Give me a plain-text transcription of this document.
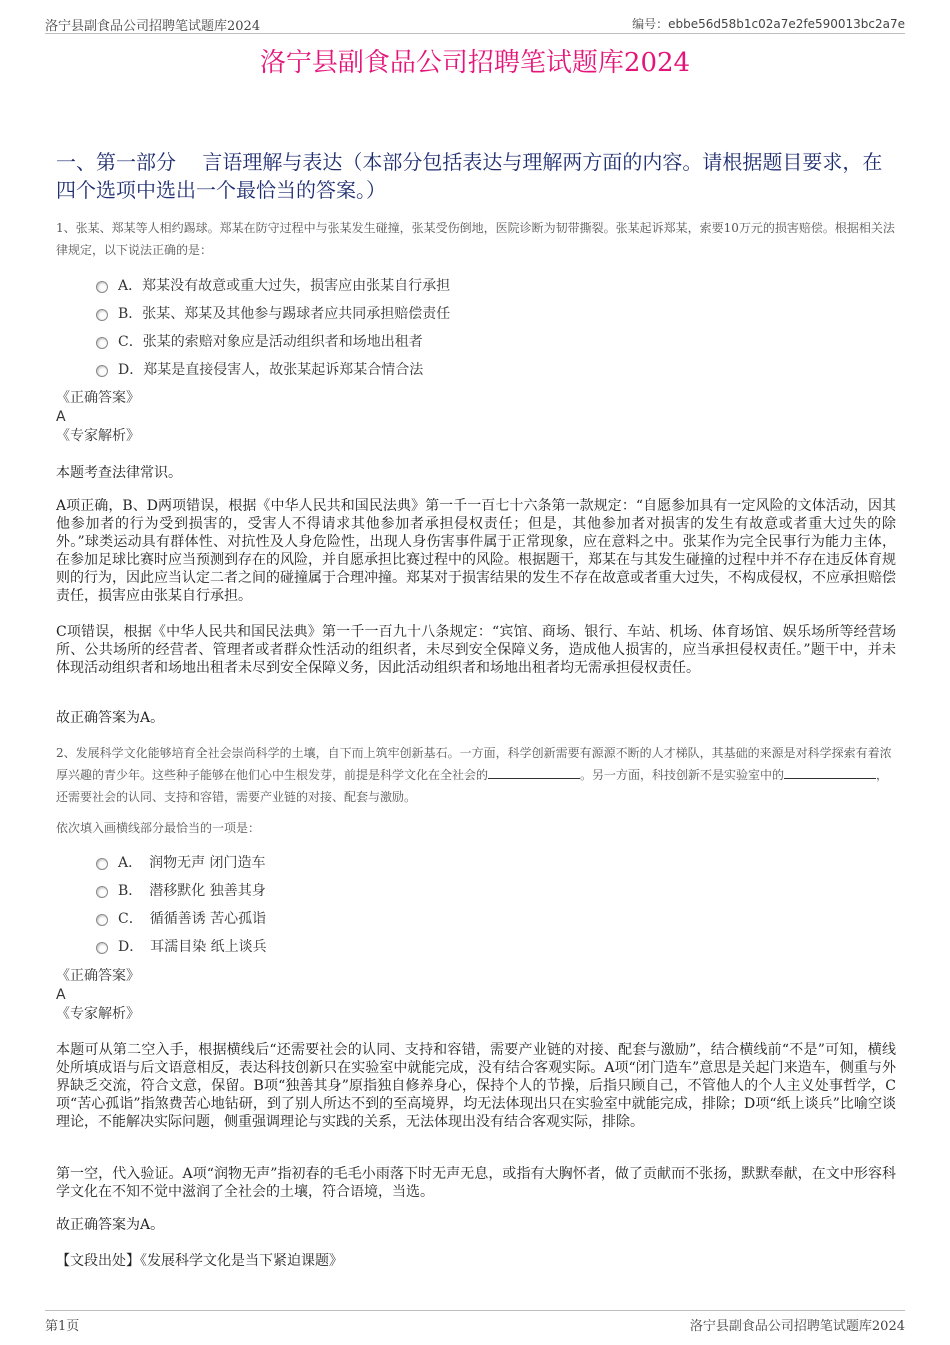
洛宁县副食品公司招聘笔试题库2024	编号：ebbe56d58b1c02a7e2fe590013bc2a7e
洛宁县副食品公司招聘笔试题库2024
一、第一部分　 言语理解与表达（本部分包括表达与理解两方面的内容。请根据题目要求，在四个选项中选出一个最恰当的答案。）

1、张某、郑某等人相约踢球。郑某在防守过程中与张某发生碰撞，张某受伤倒地，医院诊断为韧带撕裂。张某起诉郑某，索要10万元的损害赔偿。根据相关法律规定，以下说法正确的是：

A．郑某没有故意或重大过失，损害应由张某自行承担
B．张某、郑某及其他参与踢球者应共同承担赔偿责任
C．张某的索赔对象应是活动组织者和场地出租者
D．郑某是直接侵害人，故张某起诉郑某合情合法

《正确答案》

A

《专家解析》

本题考查法律常识。

A项正确，B、D两项错误，根据《中华人民共和国民法典》第一千一百七十六条第一款规定：“自愿参加具有一定风险的文体活动，因其他参加者的行为受到损害的，受害人不得请求其他参加者承担侵权责任；但是，其他参加者对损害的发生有故意或者重大过失的除外。”球类运动具有群体性、对抗性及人身危险性，出现人身伤害事件属于正常现象，应在意料之中。张某作为完全民事行为能力主体，在参加足球比赛时应当预测到存在的风险，并自愿承担比赛过程中的风险。根据题干，郑某在与其发生碰撞的过程中并不存在违反体育规则的行为，因此应当认定二者之间的碰撞属于合理冲撞。郑某对于损害结果的发生不存在故意或者重大过失，不构成侵权，不应承担赔偿责任，损害应由张某自行承担。

C项错误，根据《中华人民共和国民法典》第一千一百九十八条规定：“宾馆、商场、银行、车站、机场、体育场馆、娱乐场所等经营场所、公共场所的经营者、管理者或者群众性活动的组织者，未尽到安全保障义务，造成他人损害的，应当承担侵权责任。”题干中，并未体现活动组织者和场地出租者未尽到安全保障义务，因此活动组织者和场地出租者均无需承担侵权责任。

故正确答案为A。

2、发展科学文化能够培育全社会崇尚科学的土壤，自下而上筑牢创新基石。一方面，科学创新需要有源源不断的人才梯队，其基础的来源是对科学探索有着浓厚兴趣的青少年。这些种子能够在他们心中生根发芽，前提是科学文化在全社会的	。另一方面，科技创新不是实验室中的	，还需要社会的认同、支持和容错，需要产业链的对接、配套与激励。

依次填入画横线部分最恰当的一项是：

A．　润物无声 闭门造车
B．　潜移默化 独善其身
C．　循循善诱 苦心孤诣
D．　耳濡目染 纸上谈兵

《正确答案》

A

《专家解析》

本题可从第二空入手，根据横线后“还需要社会的认同、支持和容错，需要产业链的对接、配套与激励”，结合横线前“不是”可知，横线处所填成语与后文语意相反，表达科技创新只在实验室中就能完成，没有结合客观实际。A项“闭门造车”意思是关起门来造车，侧重与外界缺乏交流，符合文意，保留。B项“独善其身”原指独自修养身心，保持个人的节操，后指只顾自己，不管他人的个人主义处事哲学，C项“苦心孤诣”指煞费苦心地钻研，到了别人所达不到的至高境界，均无法体现出只在实验室中就能完成，排除；D项“纸上谈兵”比喻空谈理论，不能解决实际问题，侧重强调理论与实践的关系，无法体现出没有结合客观实际，排除。

第一空，代入验证。A项“润物无声”指初春的毛毛小雨落下时无声无息，或指有大胸怀者，做了贡献而不张扬，默默奉献，在文中形容科学文化在不知不觉中滋润了全社会的土壤，符合语境，当选。

故正确答案为A。

【文段出处】《发展科学文化是当下紧迫课题》

第1页	洛宁县副食品公司招聘笔试题库2024
